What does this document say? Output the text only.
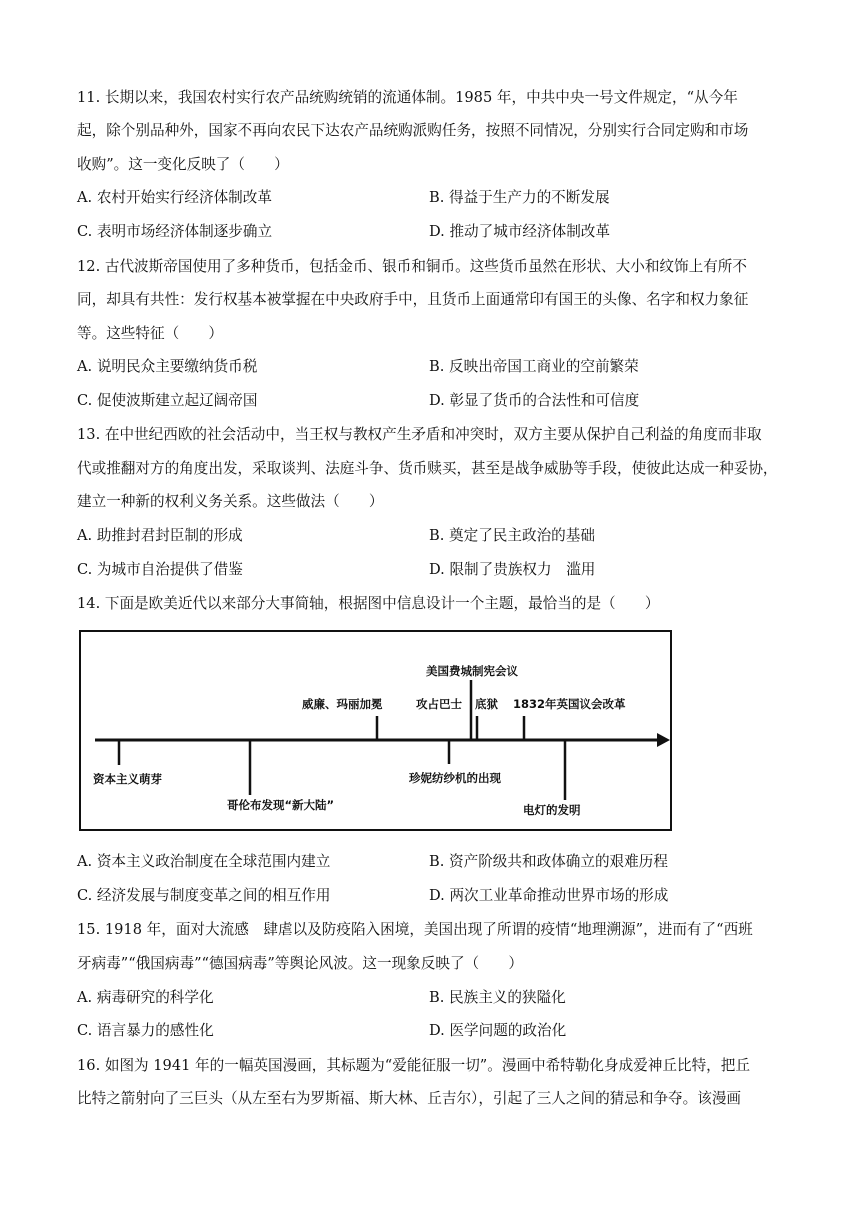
11. 长期以来，我国农村实行农产品统购统销的流通体制。1985 年，中共中央一号文件规定，“从今年
起，除个别品种外，国家不再向农民下达农产品统购派购任务，按照不同情况，分别实行合同定购和市场
收购”。这一变化反映了（　　）
A. 农村开始实行经济体制改革	B. 得益于生产力的不断发展
C. 表明市场经济体制逐步确立	D. 推动了城市经济体制改革
12. 古代波斯帝国使用了多种货币，包括金币、银币和铜币。这些货币虽然在形状、大小和纹饰上有所不
同，却具有共性：发行权基本被掌握在中央政府手中，且货币上面通常印有国王的头像、名字和权力象征
等。这些特征（　　）
A. 说明民众主要缴纳货币税	B. 反映出帝国工商业的空前繁荣
C. 促使波斯建立起辽阔帝国	D. 彰显了货币的合法性和可信度
13. 在中世纪西欧的社会活动中，当王权与教权产生矛盾和冲突时，双方主要从保护自己利益的角度而非取
代或推翻对方的角度出发，采取谈判、法庭斗争、货币赎买，甚至是战争威胁等手段，使彼此达成一种妥协，
建立一种新的权利义务关系。这些做法（　　）
A. 助推封君封臣制的形成	B. 奠定了民主政治的基础
C. 为城市自治提供了借鉴	D. 限制了贵族权力　滥用
14. 下面是欧美近代以来部分大事简轴，根据图中信息设计一个主题，最恰当的是（　　）
威廉、玛丽加冕	攻占巴士
美国费城制宪会议
底狱 1832年英国议会改革
资本主义萌芽
哥伦布发现“新大陆”
珍妮纺纱机的出现
电灯的发明
A. 资本主义政治制度在全球范围内建立	B. 资产阶级共和政体确立的艰难历程
C. 经济发展与制度变革之间的相互作用	D. 两次工业革命推动世界市场的形成
15. 1918 年，面对大流感　肆虐以及防疫陷入困境，美国出现了所谓的疫情“地理溯源”，进而有了“西班
牙病毒”“俄国病毒”“德国病毒”等舆论风波。这一现象反映了（　　）
A. 病毒研究的科学化	B. 民族主义的狭隘化
C. 语言暴力的感性化	D. 医学问题的政治化
16. 如图为 1941 年的一幅英国漫画，其标题为“爱能征服一切”。漫画中希特勒化身成爱神丘比特，把丘
比特之箭射向了三巨头（从左至右为罗斯福、斯大林、丘吉尔），引起了三人之间的猜忌和争夺。该漫画
